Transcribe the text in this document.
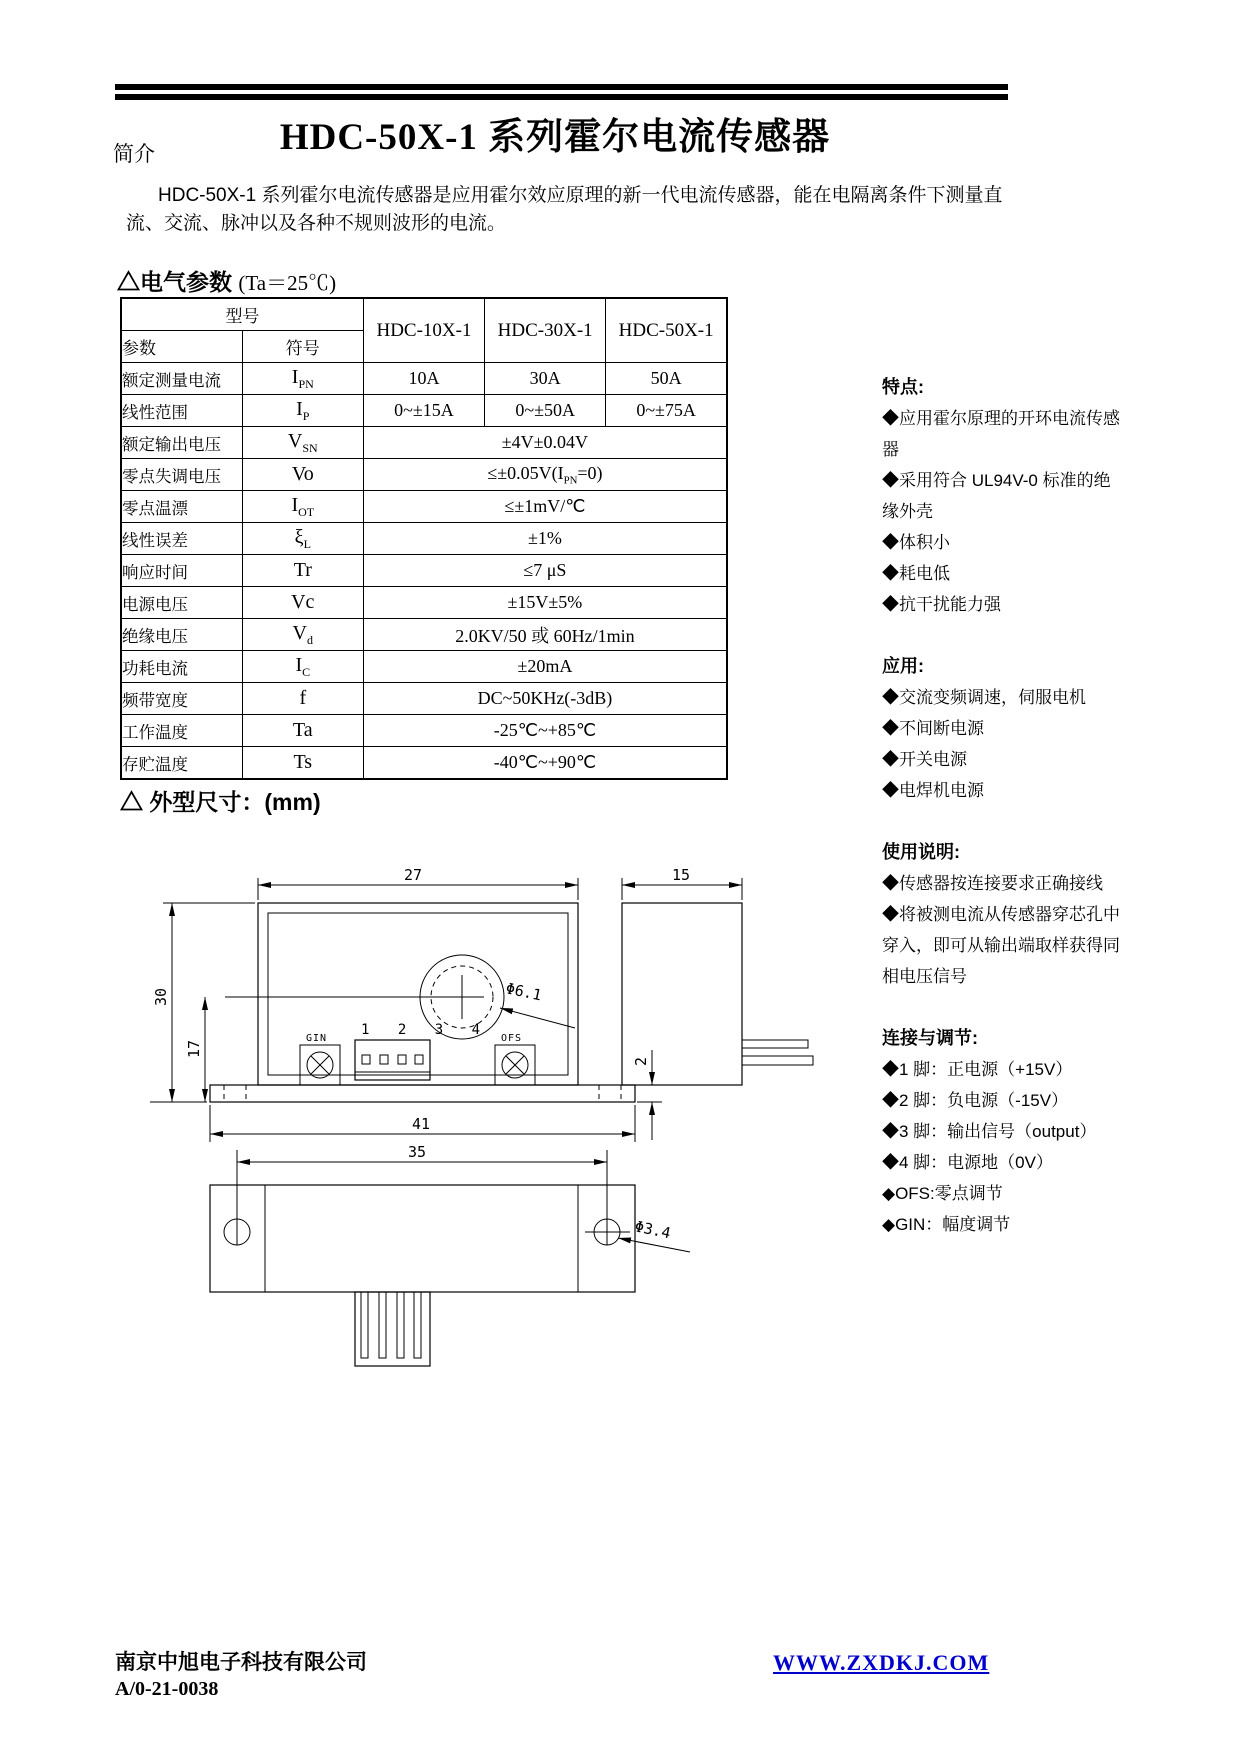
HDC-50X-1 系列霍尔电流传感器
简介
HDC-50X-1 系列霍尔电流传感器是应用霍尔效应原理的新一代电流传感器，能在电隔离条件下测量直流、交流、脉冲以及各种不规则波形的电流。
△电气参数 (Ta＝25℃)
型号		HDC-10X-1	HDC-30X-1	HDC-50X-1
参数	符号			
额定测量电流	$I_{PN}$	10A	30A	50A
线性范围	$I_P$	0~±15A	0~±50A	0~±75A
额定输出电压	$V_{SN}$	±4V±0.04V		
零点失调电压	Vo	$\le\pm 0.05V(I_{PN}=0)$		
零点温漂	$I_{OT}$	≤±1mV/℃		
线性误差	$\xi_L$	±1%		
响应时间	Tr	≤7 μS		
电源电压	Vc	±15V±5%		
绝缘电压	$V_d$	2.0KV/50 或 60Hz/1min		
功耗电流	$I_C$	±20mA		
频带宽度	f	DC~50KHz(-3dB)		
工作温度	Ta	-25℃~+85℃		
存贮温度	Ts	-40℃~+90℃		
特点:
◆应用霍尔原理的开环电流传感器
◆采用符合 UL94V-0 标准的绝缘外壳
◆体积小
◆耗电低
◆抗干扰能力强
应用:
◆交流变频调速，伺服电机
◆不间断电源
◆开关电源
◆电焊机电源
使用说明:
◆传感器按连接要求正确接线
◆将被测电流从传感器穿芯孔中穿入，即可从输出端取样获得同相电压信号
连接与调节:
◆1 脚：正电源（+15V）
◆2 脚：负电源（-15V）
◆3 脚：输出信号（output）
◆4 脚：电源地（0V）
◆OFS:零点调节
◆GIN：幅度调节
△ 外型尺寸：(mm)
Φ6.1
1 2 3 4
GIN	OFS
27
30
17
41
2
15
35
Φ3.4
南京中旭电子科技有限公司
A/0-21-0038
WWW.ZXDKJ.COM
